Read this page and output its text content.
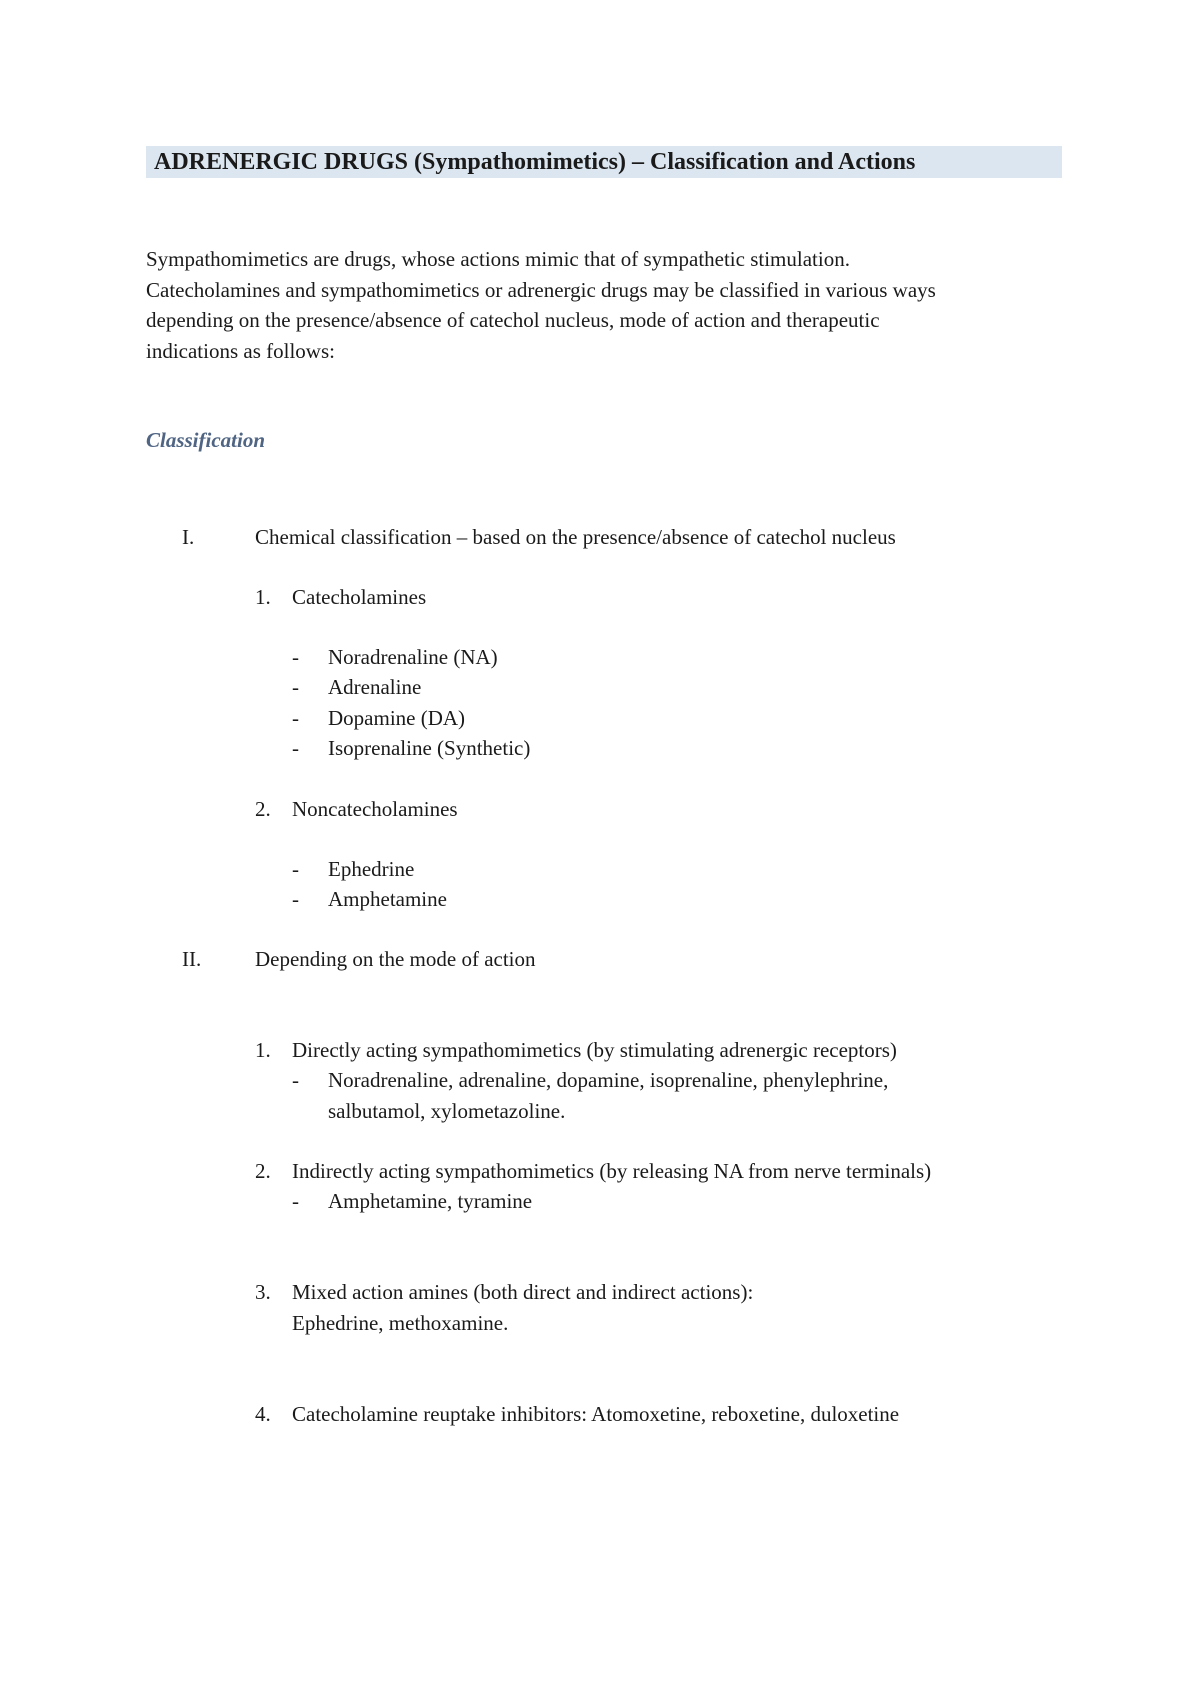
ADRENERGIC DRUGS (Sympathomimetics) – Classification and Actions
Sympathomimetics are drugs, whose actions mimic that of sympathetic stimulation.
Catecholamines and sympathomimetics or adrenergic drugs may be classified in various ways
depending on the presence/absence of catechol nucleus, mode of action and therapeutic
indications as follows:
Classification
I.	Chemical classification – based on the presence/absence of catechol nucleus
1. Catecholamines
- Noradrenaline (NA)
- Adrenaline
- Dopamine (DA)
- Isoprenaline (Synthetic)
2. Noncatecholamines
- Ephedrine
- Amphetamine
II.	Depending on the mode of action
1. Directly acting sympathomimetics (by stimulating adrenergic receptors)
- Noradrenaline, adrenaline, dopamine, isoprenaline, phenylephrine,
salbutamol, xylometazoline.
2. Indirectly acting sympathomimetics (by releasing NA from nerve terminals)
- Amphetamine, tyramine
3. Mixed action amines (both direct and indirect actions):
Ephedrine, methoxamine.
4. Catecholamine reuptake inhibitors: Atomoxetine, reboxetine, duloxetine
